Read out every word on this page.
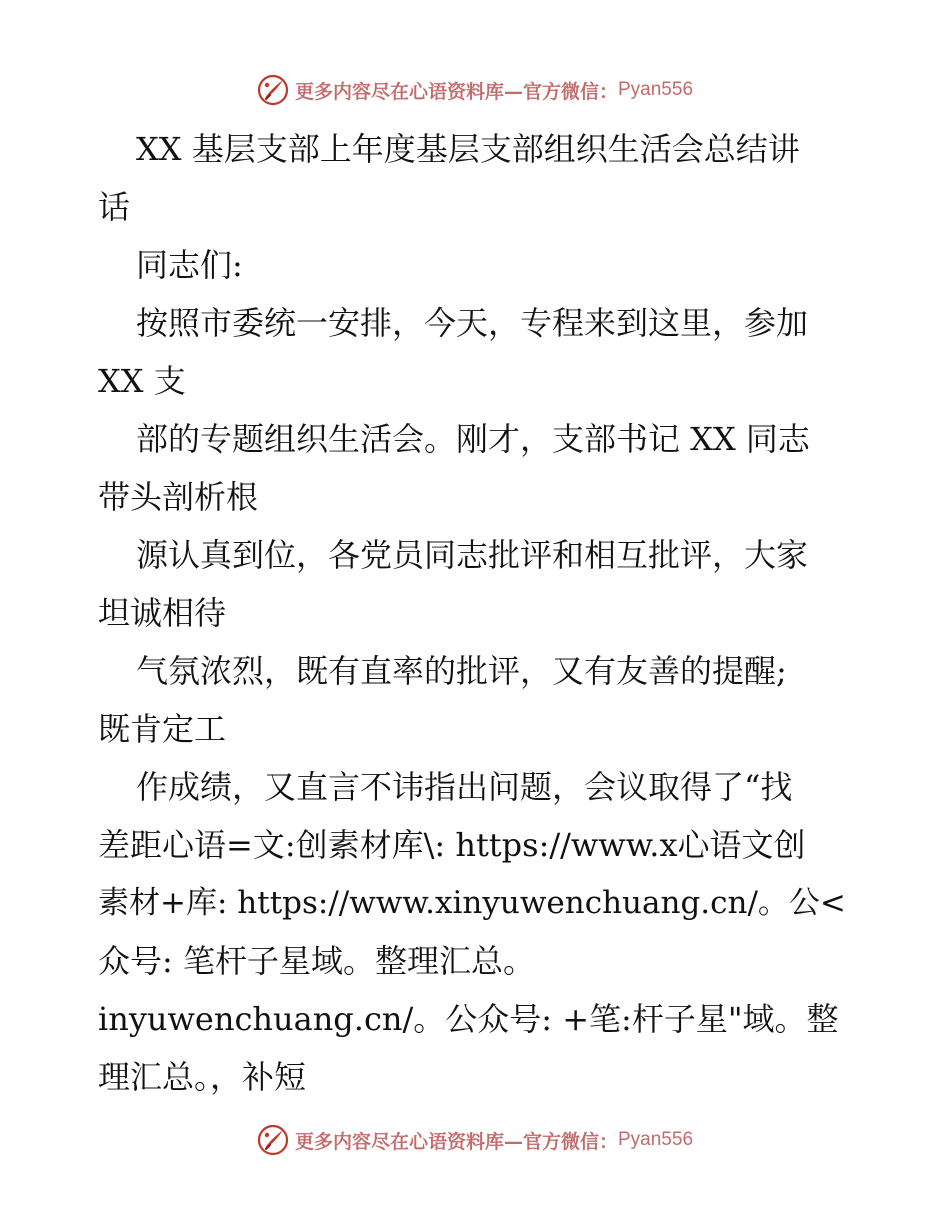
更多内容尽在心语资料库—官方微信： Pyan556
XX 基层支部上年度基层支部组织生活会总结讲
话
同志们:
按照市委统一安排，今天，专程来到这里，参加
XX 支
部的专题组织生活会。刚才，支部书记 XX 同志
带头剖析根
源认真到位，各党员同志批评和相互批评，大家
坦诚相待
气氛浓烈，既有直率的批评，又有友善的提醒;
既肯定工
作成绩，又直言不讳指出问题，会议取得了“找
差距心语=文:创素材库\: https://www.x心语文创
素材+库: https://www.xinyuwenchuang.cn/。公<
众号: 笔杆子星域。整理汇总。
inyuwenchuang.cn/。公众号: +笔:杆子星"域。整
理汇总。，补短
更多内容尽在心语资料库—官方微信： Pyan556
